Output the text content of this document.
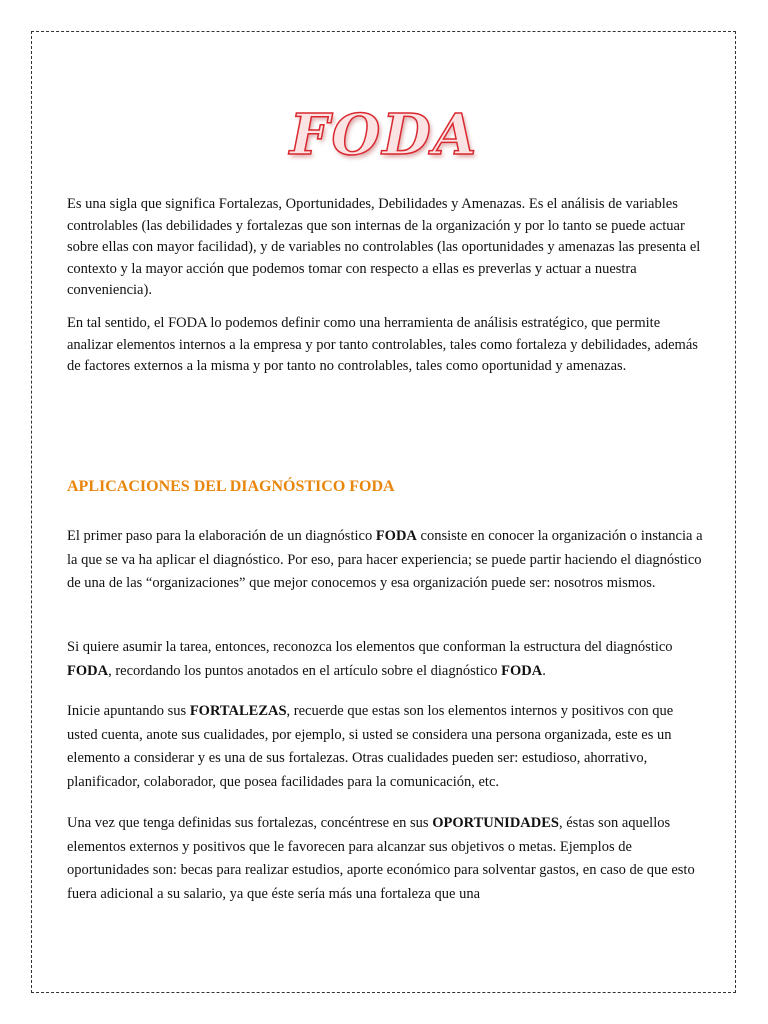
FODA

Es una sigla que significa Fortalezas, Oportunidades, Debilidades y Amenazas. Es el análisis de variables controlables (las debilidades y fortalezas que son internas de la organización y por lo tanto se puede actuar sobre ellas con mayor facilidad), y de variables no controlables (las oportunidades y amenazas las presenta el contexto y la mayor acción que podemos tomar con respecto a ellas es preverlas y actuar a nuestra conveniencia).

En tal sentido, el FODA lo podemos definir como una herramienta de análisis estratégico, que permite analizar elementos internos a la empresa y por tanto controlables, tales como fortaleza y debilidades, además de factores externos a la misma y por tanto no controlables, tales como oportunidad y amenazas.

APLICACIONES DEL DIAGNÓSTICO FODA

El primer paso para la elaboración de un diagnóstico FODA consiste en conocer la organización o instancia a la que se va ha aplicar el diagnóstico. Por eso, para hacer experiencia; se puede partir haciendo el diagnóstico de una de las “organizaciones” que mejor conocemos y esa organización puede ser: nosotros mismos.

Si quiere asumir la tarea, entonces, reconozca los elementos que conforman la estructura del diagnóstico FODA, recordando los puntos anotados en el artículo sobre el diagnóstico FODA.

Inicie apuntando sus FORTALEZAS, recuerde que estas son los elementos internos y positivos con que usted cuenta, anote sus cualidades, por ejemplo, si usted se considera una persona organizada, este es un elemento a considerar y es una de sus fortalezas. Otras cualidades pueden ser: estudioso, ahorrativo, planificador, colaborador, que posea facilidades para la comunicación, etc.

Una vez que tenga definidas sus fortalezas, concéntrese en sus OPORTUNIDADES, éstas son aquellos elementos externos y positivos que le favorecen para alcanzar sus objetivos o metas. Ejemplos de oportunidades son: becas para realizar estudios, aporte económico para solventar gastos, en caso de que esto fuera adicional a su salario, ya que éste sería más una fortaleza que una
